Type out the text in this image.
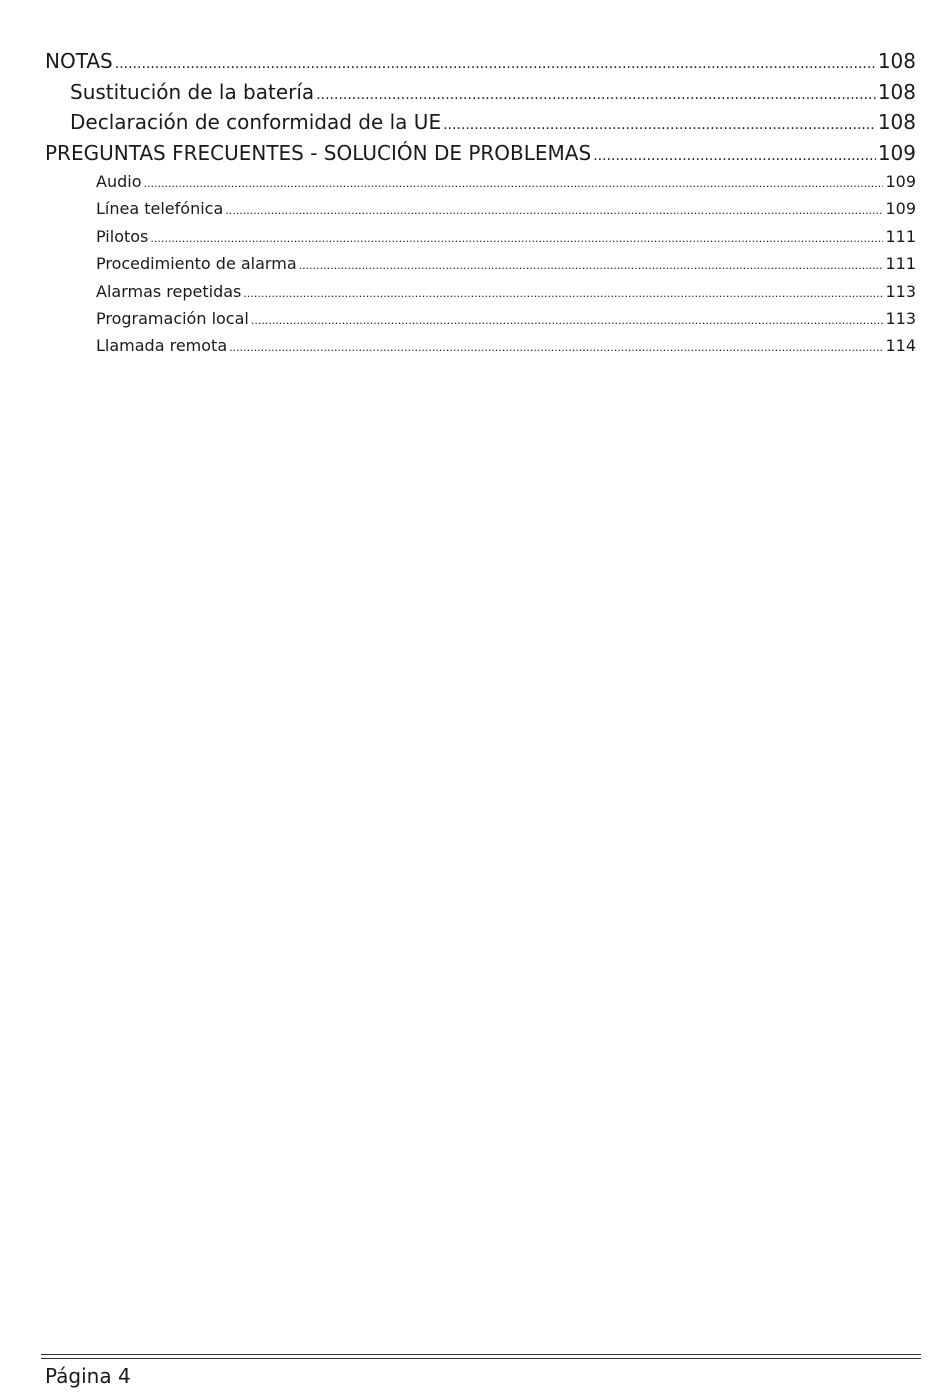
NOTAS .....	108
Sustitución de la batería .....	108
Declaración de conformidad de la UE .....	108
PREGUNTAS FRECUENTES - SOLUCIÓN DE PROBLEMAS .....	109
Audio .....	109
Línea telefónica .....	109
Pilotos .....	111
Procedimiento de alarma .....	111
Alarmas repetidas .....	113
Programación local .....	113
Llamada remota .....	114
Página 4
